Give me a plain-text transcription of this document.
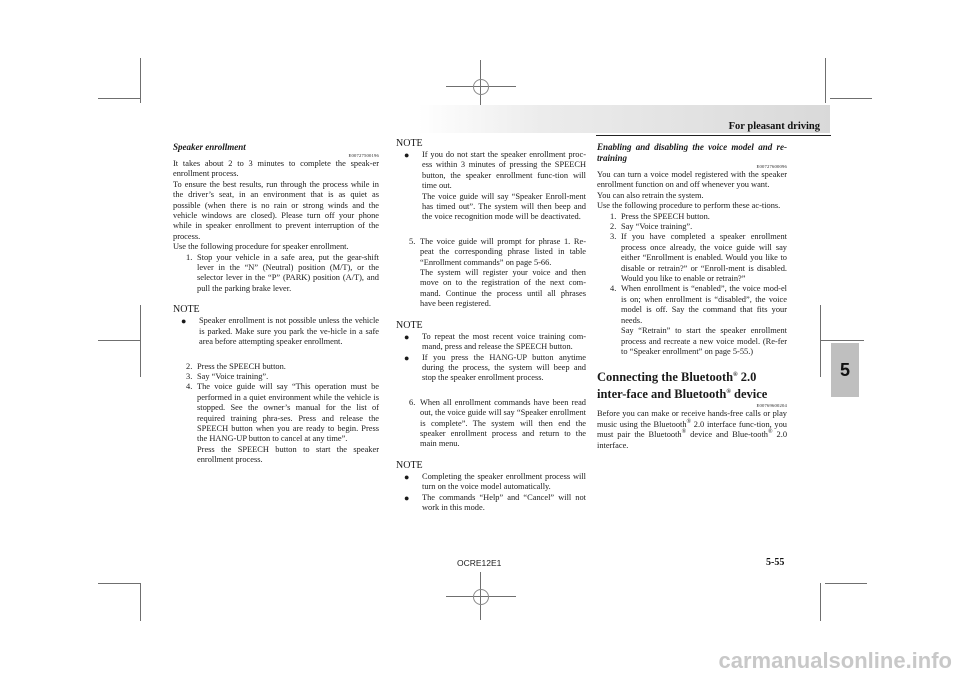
For pleasant driving
5
Speaker enrollment
E00727500196

It takes about 2 to 3 minutes to complete the speak-er enrollment process.

To ensure the best results, run through the process while in the driver’s seat, in an environment that is as quiet as possible (when there is no rain or strong winds and the vehicle windows are closed). Please turn off your phone while in speaker enrollment to prevent interruption of the process.

Use the following procedure for speaker enrollment.

1. Stop your vehicle in a safe area, put the gear-shift lever in the “N” (Neutral) position (M/T), or the selector lever in the “P” (PARK) position (A/T), and pull the parking brake lever.

NOTE
● Speaker enrollment is not possible unless the vehicle is parked. Make sure you park the ve-hicle in a safe area before attempting speaker enrollment.

2. Press the SPEECH button.

3. Say “Voice training”.

4. The voice guide will say “This operation must be performed in a quiet environment while the vehicle is stopped. See the owner’s manual for the list of required training phra-ses. Press and release the SPEECH button when you are ready to begin. Press the HANG-UP button to cancel at any time”.

Press the SPEECH button to start the speaker enrollment process.

NOTE
● If you do not start the speaker enrollment proc-ess within 3 minutes of pressing the SPEECH button, the speaker enrollment func-tion will time out.

The voice guide will say “Speaker Enroll-ment has timed out”. The system will then beep and the voice recognition mode will be deactivated.

5. The voice guide will prompt for phrase 1. Re-peat the corresponding phrase listed in table “Enrollment commands” on page 5-66.

The system will register your voice and then move on to the registration of the next com-mand. Continue the process until all phrases have been registered.

NOTE
● To repeat the most recent voice training com-mand, press and release the SPEECH button.

● If you press the HANG-UP button anytime during the process, the system will beep and stop the speaker enrollment process.

6. When all enrollment commands have been read out, the voice guide will say “Speaker enrollment is complete”. The system will then end the speaker enrollment process and return to the main menu.

NOTE
● Completing the speaker enrollment process will turn on the voice model automatically.

● The commands “Help” and “Cancel” will not work in this mode.

Enabling and disabling the voice model and re-training
E00727600096

You can turn a voice model registered with the speaker enrollment function on and off whenever you want.

You can also retrain the system.

Use the following procedure to perform these ac-tions.

1. Press the SPEECH button.

2. Say “Voice training”.

3. If you have completed a speaker enrollment process once already, the voice guide will say either “Enrollment is enabled. Would you like to disable or retrain?” or “Enroll-ment is disabled. Would you like to enable or retrain?”

4. When enrollment is “enabled”, the voice mod-el is on; when enrollment is “disabled”, the voice model is off. Say the command that fits your needs.

Say “Retrain” to start the speaker enrollment process and recreate a new voice model. (Re-fer to “Speaker enrollment” on page 5-55.)

Connecting the Bluetooth® 2.0 inter-face and Bluetooth® device
E00769600204

Before you can make or receive hands-free calls or play music using the Bluetooth® 2.0 interface func-tion, you must pair the Bluetooth® device and Blue-tooth® 2.0 interface.

OCRE12E1	5-55
carmanualsonline.info
